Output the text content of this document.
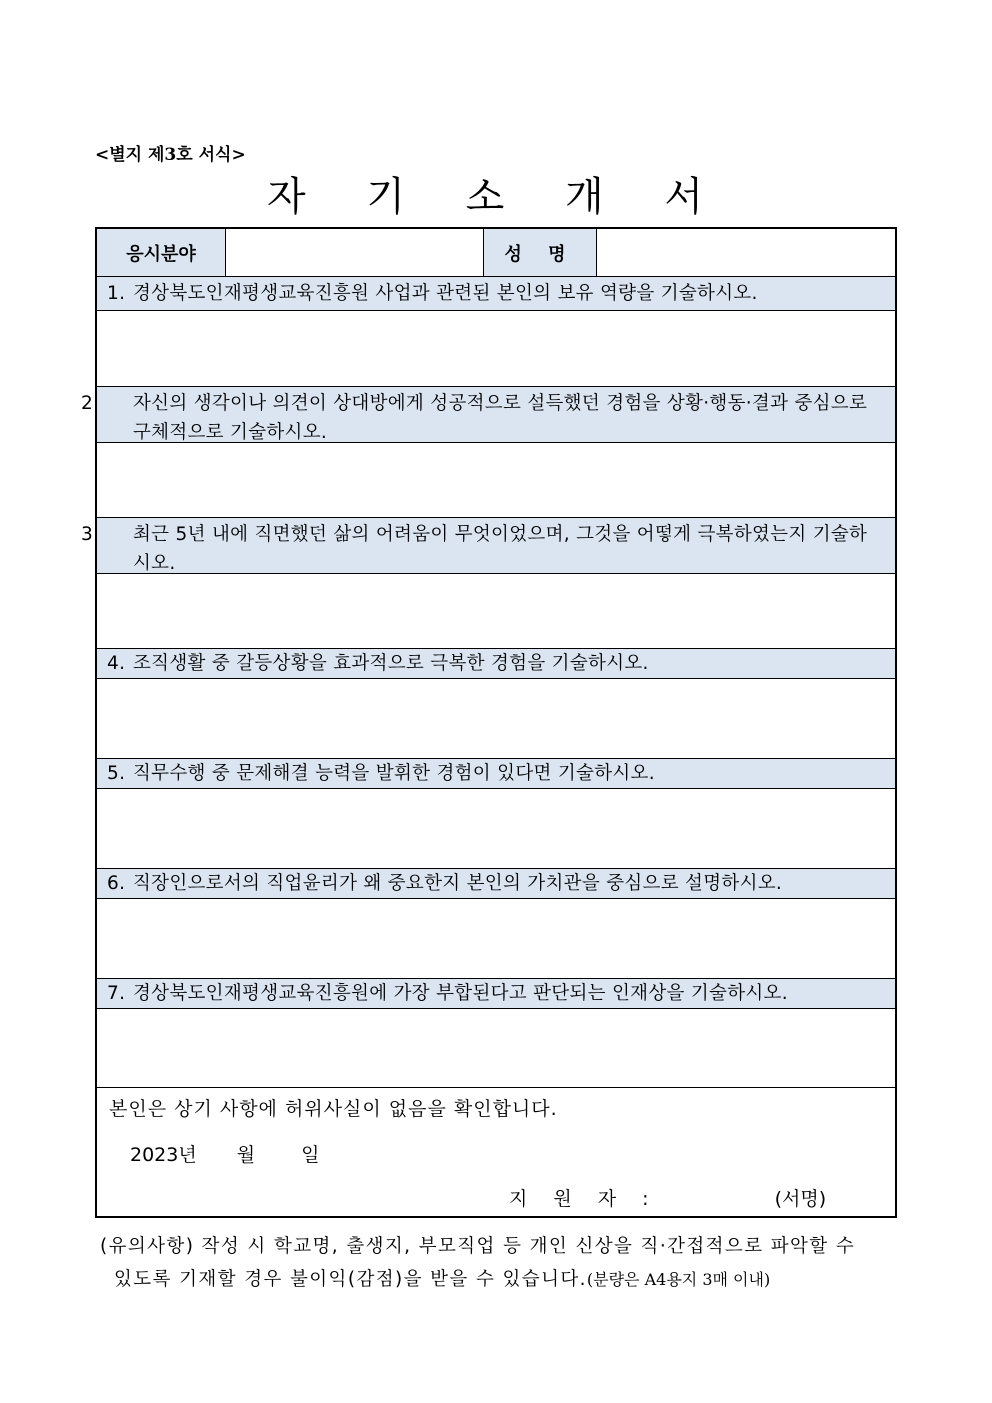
<별지 제3호 서식>
자 기 소 개 서
응시분야	성 명
1. 경상북도인재평생교육진흥원 사업과 관련된 본인의 보유 역량을 기술하시오.
2. 자신의 생각이나 의견이 상대방에게 성공적으로 설득했던 경험을 상황·행동·결과 중심으로 구체적으로 기술하시오.
3. 최근 5년 내에 직면했던 삶의 어려움이 무엇이었으며, 그것을 어떻게 극복하였는지 기술하시오.
4. 조직생활 중 갈등상황을 효과적으로 극복한 경험을 기술하시오.
5. 직무수행 중 문제해결 능력을 발휘한 경험이 있다면 기술하시오.
6. 직장인으로서의 직업윤리가 왜 중요한지 본인의 가치관을 중심으로 설명하시오.
7. 경상북도인재평생교육진흥원에 가장 부합된다고 판단되는 인재상을 기술하시오.
본인은 상기 사항에 허위사실이 없음을 확인합니다.
2023년 월 일
지 원 자 :	(서명)
(유의사항) 작성 시 학교명, 출생지, 부모직업 등 개인 신상을 직·간접적으로 파악할 수
있도록 기재할 경우 불이익(감점)을 받을 수 있습니다.(분량은 A4용지 3매 이내)
